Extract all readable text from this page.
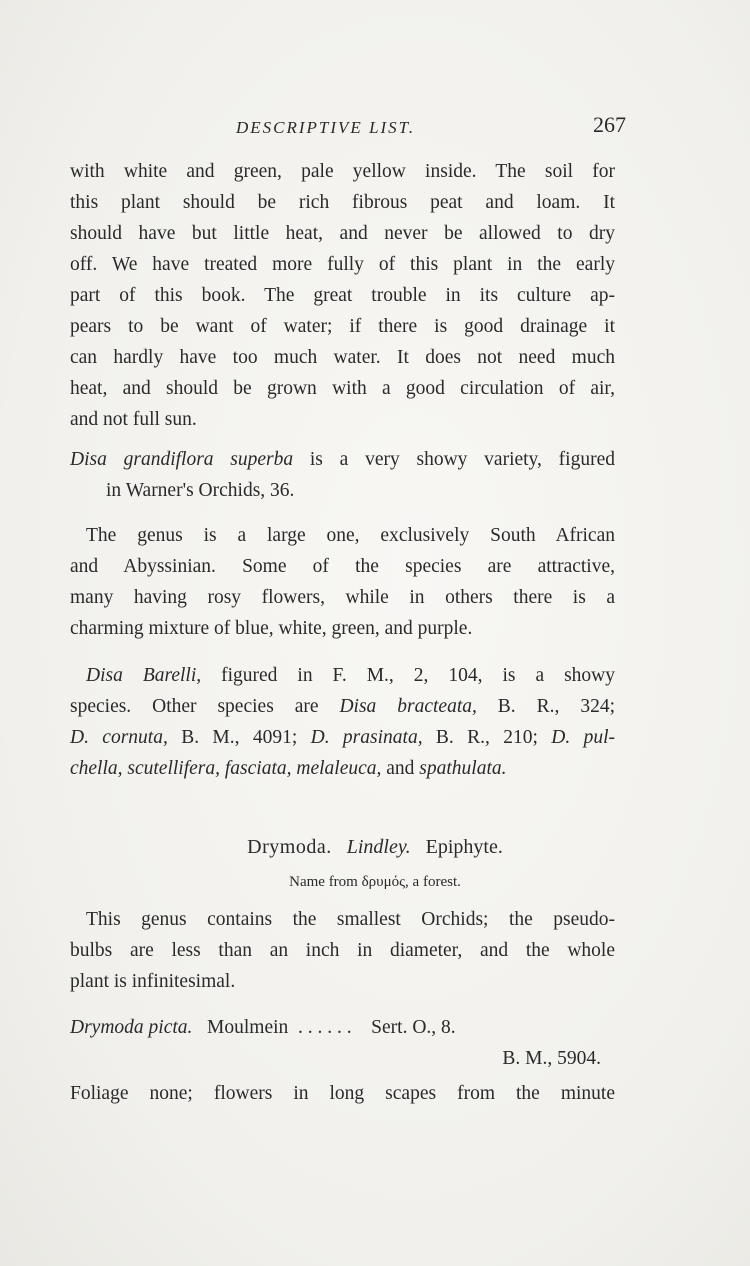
DESCRIPTIVE LIST.	267
with white and green, pale yellow inside. The soil for
this plant should be rich fibrous peat and loam. It
should have but little heat, and never be allowed to dry
off. We have treated more fully of this plant in the early
part of this book. The great trouble in its culture ap-
pears to be want of water; if there is good drainage it
can hardly have too much water. It does not need much
heat, and should be grown with a good circulation of air,
and not full sun.
Disa grandiflora superba is a very showy variety, figured
in Warner's Orchids, 36.
The genus is a large one, exclusively South African
and Abyssinian. Some of the species are attractive,
many having rosy flowers, while in others there is a
charming mixture of blue, white, green, and purple.
Disa Barelli, figured in F. M., 2, 104, is a showy
species. Other species are Disa bracteata, B. R., 324;
D. cornuta, B. M., 4091; D. prasinata, B. R., 210; D. pul-
chella, scutellifera, fasciata, melaleuca, and spathulata.
Drymoda. Lindley. Epiphyte.
Name from δρυμός, a forest.
This genus contains the smallest Orchids; the pseudo-
bulbs are less than an inch in diameter, and the whole
plant is infinitesimal.
Drymoda picta. Moulmein . . . . . . Sert. O., 8.
B. M., 5904.
Foliage none; flowers in long scapes from the minute
